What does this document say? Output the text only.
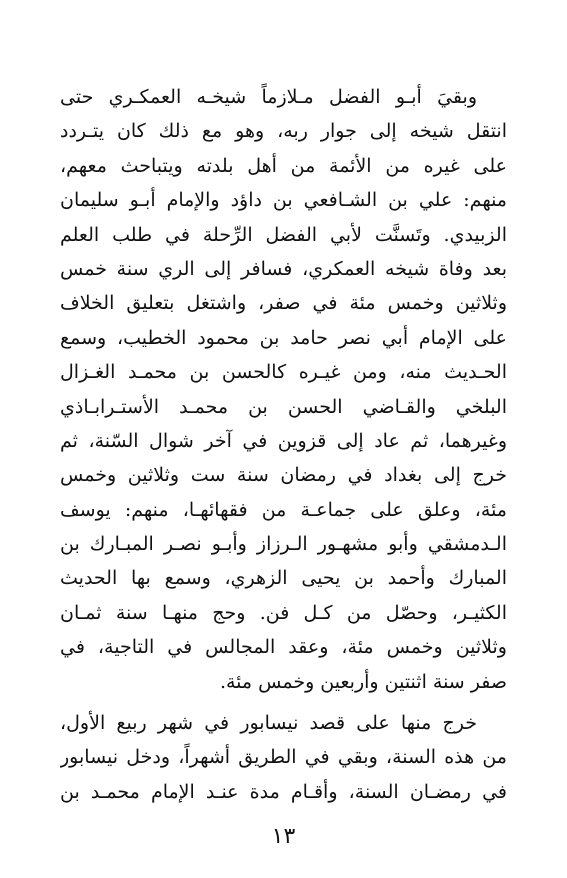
وبقيَ أبـو الفضل مـلازماً شيخـه العمكـري حتى
انتقل شيخه إلى جوار ربه، وهو مع ذلك كان يتـردد
على غيره من الأئمة من أهل بلدته ويتباحث معهم،
منهم: علي بن الشـافعي بن داؤد والإمام أبـو سليمان
الزبيدي. وتَسنَّت لأبي الفضل الرِّحلة في طلب العلم
بعد وفاة شيخه العمكري، فسافر إلى الري سنة خمس
وثلاثين وخمس مئة في صفر، واشتغل بتعليق الخلاف
على الإمام أبي نصر حامد بن محمود الخطيب، وسمع
الحـديث منه، ومن غيـره كالحسن بن محمـد الغـزال
البلخي والقـاضي الحسن بن محمـد الأستـرابـاذي
وغيرهما، ثم عاد إلى قزوين في آخر شوال السّنة، ثم
خرج إلى بغداد في رمضان سنة ست وثلاثين وخمس
مئة، وعلق على جماعـة من فقهائهـا، منهم: يوسف
الـدمشقي وأبو مشهـور الـرزاز وأبـو نصـر المبـارك بن
المبارك وأحمد بن يحيى الزهري، وسمع بها الحديث
الكثيـر، وحصّل من كـل فن. وحج منهـا سنة ثمـان
وثلاثين وخمس مئة، وعقد المجالس في التاجية، في
صفر سنة اثنتين وأربعين وخمس مئة.
خرج منها على قصد نيسابور في شهر ربيع الأول،
من هذه السنة، وبقي في الطريق أشهراً، ودخل نيسابور
في رمضـان السنة، وأقـام مدة عنـد الإمام محمـد بن
١٣
